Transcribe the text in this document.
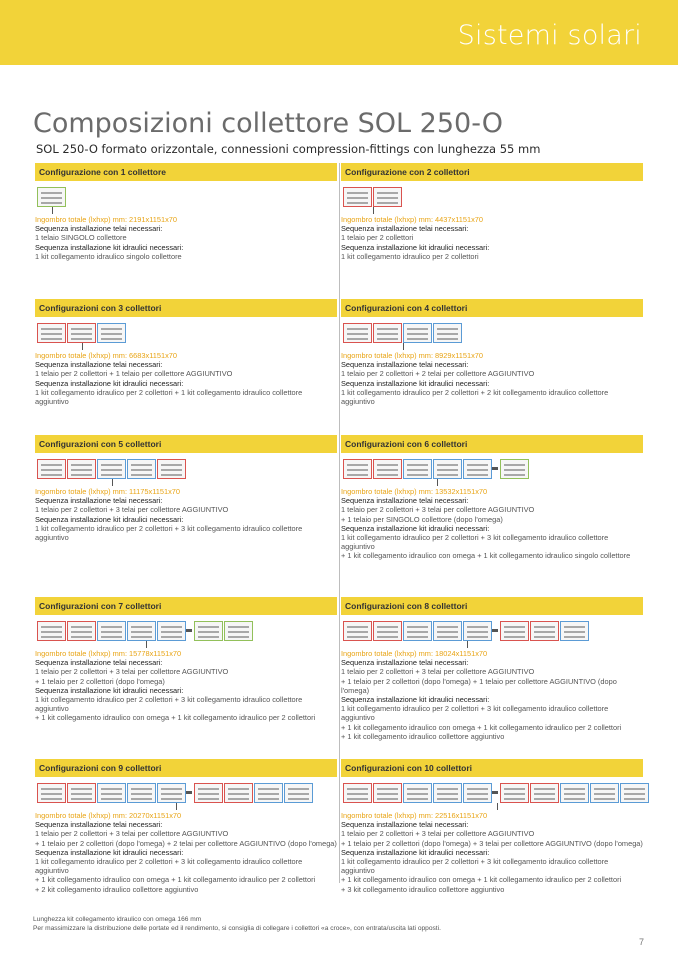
Sistemi solari
Composizioni collettore SOL 250-O
SOL 250-O formato orizzontale, connessioni compression-fittings con lunghezza 55 mm
Configurazione con 1 collettore
Ingombro totale (lxhxp) mm: 2191x1151x70
Sequenza installazione telai necessari:
1 telaio SINGOLO collettore
Sequenza installazione kit idraulici necessari:
1 kit collegamento idraulico singolo collettore
Configurazione con 2 collettori
Ingombro totale (lxhxp) mm: 4437x1151x70
Sequenza installazione telai necessari:
1 telaio per 2 collettori
Sequenza installazione kit idraulici necessari:
1 kit collegamento idraulico per 2 collettori
Configurazioni con 3 collettori
Ingombro totale (lxhxp) mm: 6683x1151x70
Sequenza installazione telai necessari:
1 telaio per 2 collettori + 1 telaio per collettore AGGIUNTIVO
Sequenza installazione kit idraulici necessari:
1 kit collegamento idraulico per 2 collettori + 1 kit collegamento idraulico collettore aggiuntivo
Configurazioni con 4 collettori
Ingombro totale (lxhxp) mm: 8929x1151x70
Sequenza installazione telai necessari:
1 telaio per 2 collettori + 2 telai per collettore AGGIUNTIVO
Sequenza installazione kit idraulici necessari:
1 kit collegamento idraulico per 2 collettori + 2 kit collegamento idraulico collettore aggiuntivo
Configurazioni con 5 collettori
Ingombro totale (lxhxp) mm: 11175x1151x70
Sequenza installazione telai necessari:
1 telaio per 2 collettori + 3 telai per collettore AGGIUNTIVO
Sequenza installazione kit idraulici necessari:
1 kit collegamento idraulico per 2 collettori + 3 kit collegamento idraulico collettore aggiuntivo
Configurazioni con 6 collettori
Ingombro totale (lxhxp) mm: 13532x1151x70
Sequenza installazione telai necessari:
1 telaio per 2 collettori + 3 telai per collettore AGGIUNTIVO
+ 1 telaio per SINGOLO collettore (dopo l'omega)
Sequenza installazione kit idraulici necessari:
1 kit collegamento idraulico per 2 collettori + 3 kit collegamento idraulico collettore aggiuntivo
+ 1 kit collegamento idraulico con omega + 1 kit collegamento idraulico singolo collettore
Configurazioni con 7 collettori
Ingombro totale (lxhxp) mm: 15778x1151x70
Sequenza installazione telai necessari:
1 telaio per 2 collettori + 3 telai per collettore AGGIUNTIVO
+ 1 telaio per 2 collettori (dopo l'omega)
Sequenza installazione kit idraulici necessari:
1 kit collegamento idraulico per 2 collettori + 3 kit collegamento idraulico collettore aggiuntivo
+ 1 kit collegamento idraulico con omega + 1 kit collegamento idraulico per 2 collettori
Configurazioni con 8 collettori
Ingombro totale (lxhxp) mm: 18024x1151x70
Sequenza installazione telai necessari:
1 telaio per 2 collettori + 3 telai per collettore AGGIUNTIVO
+ 1 telaio per 2 collettori (dopo l'omega) + 1 telaio per collettore AGGIUNTIVO (dopo l'omega)
Sequenza installazione kit idraulici necessari:
1 kit collegamento idraulico per 2 collettori + 3 kit collegamento idraulico collettore aggiuntivo
+ 1 kit collegamento idraulico con omega + 1 kit collegamento idraulico per 2 collettori
+ 1 kit collegamento idraulico collettore aggiuntivo
Configurazioni con 9 collettori
Ingombro totale (lxhxp) mm: 20270x1151x70
Sequenza installazione telai necessari:
1 telaio per 2 collettori + 3 telai per collettore AGGIUNTIVO
+ 1 telaio per 2 collettori (dopo l'omega) + 2 telai per collettore AGGIUNTIVO (dopo l'omega)
Sequenza installazione kit idraulici necessari:
1 kit collegamento idraulico per 2 collettori + 3 kit collegamento idraulico collettore aggiuntivo
+ 1 kit collegamento idraulico con omega + 1 kit collegamento idraulico per 2 collettori
+ 2 kit collegamento idraulico collettore aggiuntivo
Configurazioni con 10 collettori
Ingombro totale (lxhxp) mm: 22516x1151x70
Sequenza installazione telai necessari:
1 telaio per 2 collettori + 3 telai per collettore AGGIUNTIVO
+ 1 telaio per 2 collettori (dopo l'omega) + 3 telai per collettore AGGIUNTIVO (dopo l'omega)
Sequenza installazione kit idraulici necessari:
1 kit collegamento idraulico per 2 collettori + 3 kit collegamento idraulico collettore aggiuntivo
+ 1 kit collegamento idraulico con omega + 1 kit collegamento idraulico per 2 collettori
+ 3 kit collegamento idraulico collettore aggiuntivo
Lunghezza kit collegamento idraulico con omega 166 mm
Per massimizzare la distribuzione delle portate ed il rendimento, si consiglia di collegare i collettori «a croce», con entrata/uscita lati opposti.
7
